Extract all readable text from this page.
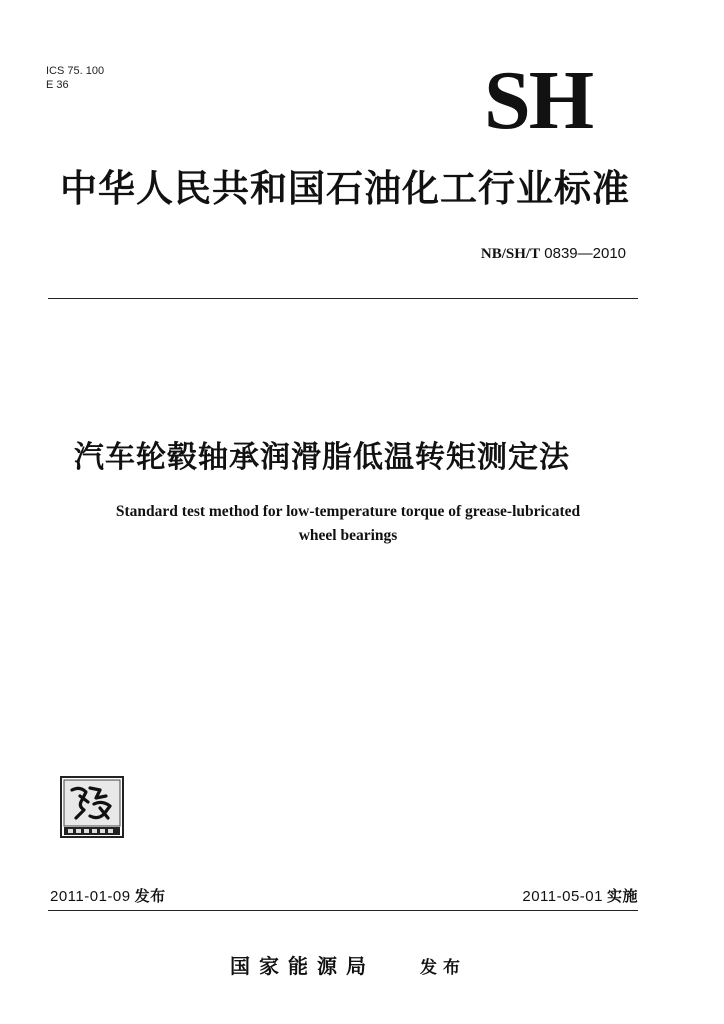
ICS 75. 100
E 36	SH
中华人民共和国石油化工行业标准
NB/SH/T 0839—2010
汽车轮毂轴承润滑脂低温转矩测定法
Standard test method for low-temperature torque of grease-lubricated
wheel bearings
2011-01-09 发布	2011-05-01 实施
国家能源局	发布
